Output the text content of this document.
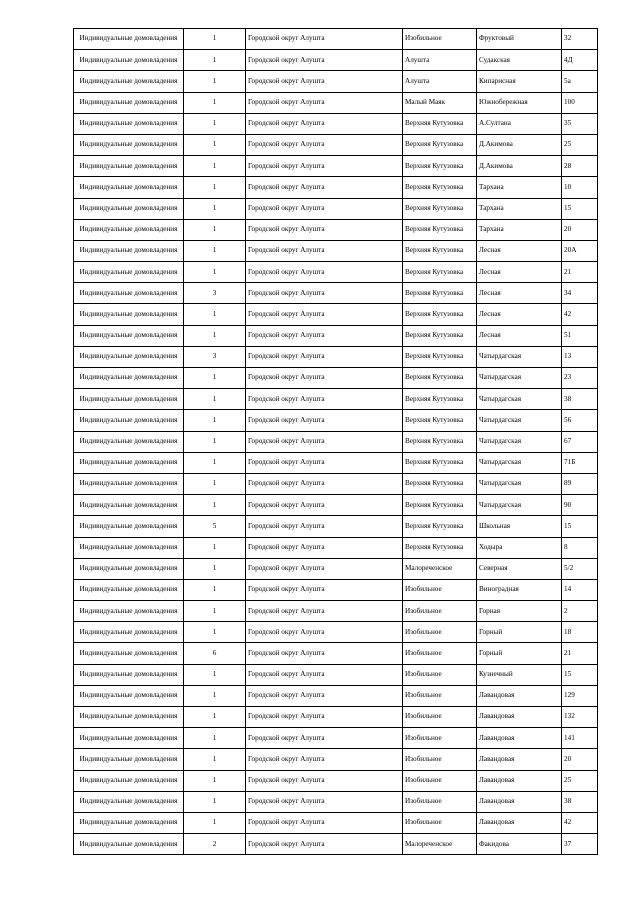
Индивидуальные домовладения	1	Городской округ Алушта	Изобильное	Фруктовый	32
Индивидуальные домовладения	1	Городской округ Алушта	Алушта	Судакская	4Д
Индивидуальные домовладения	1	Городской округ Алушта	Алушта	Кипарисная	5а
Индивидуальные домовладения	1	Городской округ Алушта	Малый Маяк	Южнобережная	100
Индивидуальные домовладения	1	Городской округ Алушта	Верхняя Кутузовка	А.Султана	35
Индивидуальные домовладения	1	Городской округ Алушта	Верхняя Кутузовка	Д.Акимова	25
Индивидуальные домовладения	1	Городской округ Алушта	Верхняя Кутузовка	Д.Акимова	28
Индивидуальные домовладения	1	Городской округ Алушта	Верхняя Кутузовка	Тархана	10
Индивидуальные домовладения	1	Городской округ Алушта	Верхняя Кутузовка	Тархана	15
Индивидуальные домовладения	1	Городской округ Алушта	Верхняя Кутузовка	Тархана	20
Индивидуальные домовладения	1	Городской округ Алушта	Верхняя Кутузовка	Лесная	20А
Индивидуальные домовладения	1	Городской округ Алушта	Верхняя Кутузовка	Лесная	21
Индивидуальные домовладения	3	Городской округ Алушта	Верхняя Кутузовка	Лесная	34
Индивидуальные домовладения	1	Городской округ Алушта	Верхняя Кутузовка	Лесная	42
Индивидуальные домовладения	1	Городской округ Алушта	Верхняя Кутузовка	Лесная	51
Индивидуальные домовладения	3	Городской округ Алушта	Верхняя Кутузовка	Чатырдагская	13
Индивидуальные домовладения	1	Городской округ Алушта	Верхняя Кутузовка	Чатырдагская	23
Индивидуальные домовладения	1	Городской округ Алушта	Верхняя Кутузовка	Чатырдагская	38
Индивидуальные домовладения	1	Городской округ Алушта	Верхняя Кутузовка	Чатырдагская	56
Индивидуальные домовладения	1	Городской округ Алушта	Верхняя Кутузовка	Чатырдагская	67
Индивидуальные домовладения	1	Городской округ Алушта	Верхняя Кутузовка	Чатырдагская	71Б
Индивидуальные домовладения	1	Городской округ Алушта	Верхняя Кутузовка	Чатырдагская	89
Индивидуальные домовладения	1	Городской округ Алушта	Верхняя Кутузовка	Чатырдагская	90
Индивидуальные домовладения	5	Городской округ Алушта	Верхняя Кутузовка	Школьная	15
Индивидуальные домовладения	1	Городской округ Алушта	Верхняя Кутузовка	Ходыра	8
Индивидуальные домовладения	1	Городской округ Алушта	Малореченское	Северная	5/2
Индивидуальные домовладения	1	Городской округ Алушта	Изобильное	Виноградная	14
Индивидуальные домовладения	1	Городской округ Алушта	Изобильное	Горная	2
Индивидуальные домовладения	1	Городской округ Алушта	Изобильное	Горный	18
Индивидуальные домовладения	6	Городской округ Алушта	Изобильное	Горный	21
Индивидуальные домовладения	1	Городской округ Алушта	Изобильное	Кузнечный	15
Индивидуальные домовладения	1	Городской округ Алушта	Изобильное	Лавандовая	129
Индивидуальные домовладения	1	Городской округ Алушта	Изобильное	Лавандовая	132
Индивидуальные домовладения	1	Городской округ Алушта	Изобильное	Лавандовая	141
Индивидуальные домовладения	1	Городской округ Алушта	Изобильное	Лавандовая	20
Индивидуальные домовладения	1	Городской округ Алушта	Изобильное	Лавандовая	25
Индивидуальные домовладения	1	Городской округ Алушта	Изобильное	Лавандовая	38
Индивидуальные домовладения	1	Городской округ Алушта	Изобильное	Лавандовая	42
Индивидуальные домовладения	2	Городской округ Алушта	Малореченское	Факидова	37
